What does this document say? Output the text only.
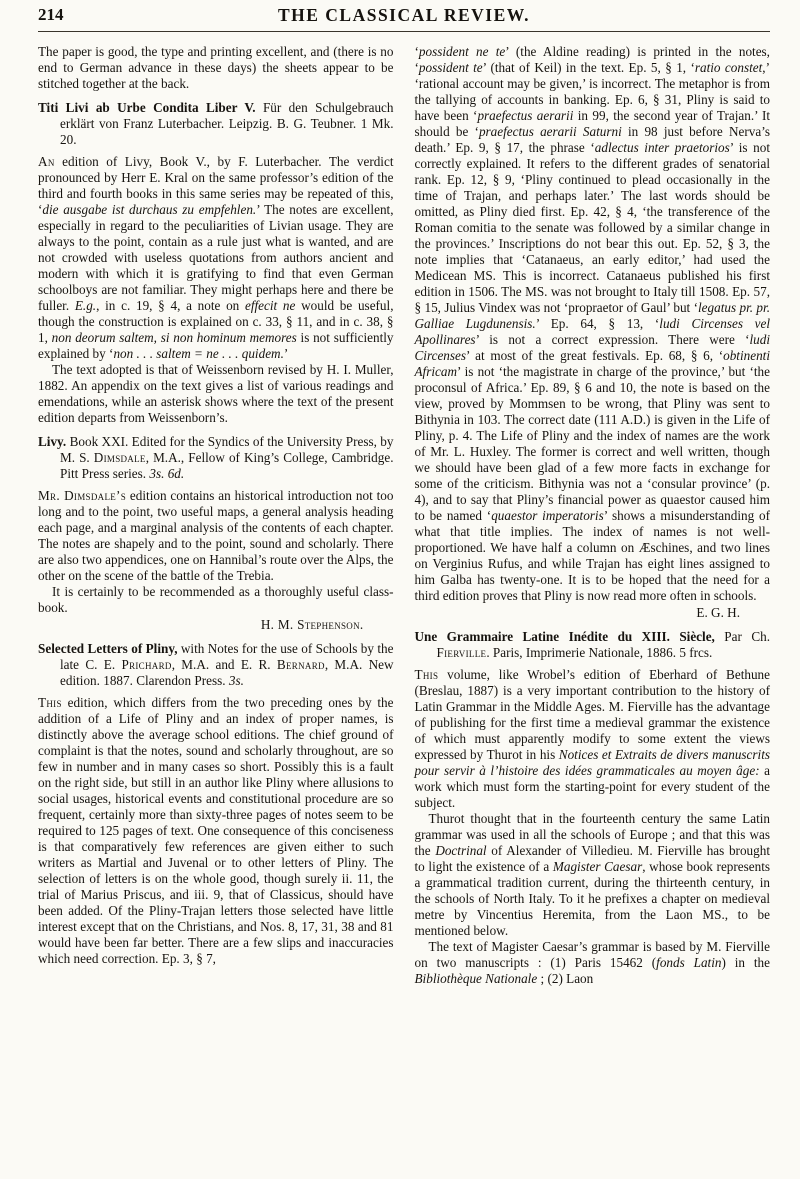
214	THE CLASSICAL REVIEW.

The paper is good, the type and printing excellent, and (there is no end to German advance in these days) the sheets appear to be stitched together at the back.

Titi Livi ab Urbe Condita Liber V. Für den Schulgebrauch erklärt von Franz Luterbacher. Leipzig. B. G. Teubner. 1 Mk. 20.

An edition of Livy, Book V., by F. Luterbacher. The verdict pronounced by Herr E. Kral on the same professor’s edition of the third and fourth books in this same series may be repeated of this, ‘die ausgabe ist durchaus zu empfehlen.’ The notes are excellent, especially in regard to the peculiarities of Livian usage. They are always to the point, contain as a rule just what is wanted, and are not crowded with useless quotations from authors ancient and modern with which it is gratifying to find that even German schoolboys are not familiar. They might perhaps here and there be fuller. E.g., in c. 19, § 4, a note on effecit ne would be useful, though the construction is explained on c. 33, § 11, and in c. 38, § 1, non deorum saltem, si non hominum memores is not sufficiently explained by ‘non . . . saltem = ne . . . quidem.’

The text adopted is that of Weissenborn revised by H. I. Muller, 1882. An appendix on the text gives a list of various readings and emendations, while an asterisk shows where the text of the present edition departs from Weissenborn’s.

Livy. Book XXI. Edited for the Syndics of the University Press, by M. S. Dimsdale, M.A., Fellow of King’s College, Cambridge. Pitt Press series. 3s. 6d.

Mr. Dimsdale’s edition contains an historical introduction not too long and to the point, two useful maps, a general analysis heading each page, and a marginal analysis of the contents of each chapter. The notes are shapely and to the point, sound and scholarly. There are also two appendices, one on Hannibal’s route over the Alps, the other on the scene of the battle of the Trebia.

It is certainly to be recommended as a thoroughly useful class-book.

H. M. Stephenson.

Selected Letters of Pliny, with Notes for the use of Schools by the late C. E. Prichard, M.A. and E. R. Bernard, M.A. New edition. 1887. Clarendon Press. 3s.

This edition, which differs from the two preceding ones by the addition of a Life of Pliny and an index of proper names, is distinctly above the average school editions. The chief ground of complaint is that the notes, sound and scholarly throughout, are so few in number and in many cases so short. Possibly this is a fault on the right side, but still in an author like Pliny where allusions to social usages, historical events and constitutional procedure are so frequent, certainly more than sixty-three pages of notes seem to be required to 125 pages of text. One consequence of this conciseness is that comparatively few references are given either to such writers as Martial and Juvenal or to other letters of Pliny. The selection of letters is on the whole good, though surely ii. 11, the trial of Marius Priscus, and iii. 9, that of Classicus, should have been added. Of the Pliny-Trajan letters those selected have little interest except that on the Christians, and Nos. 8, 17, 31, 38 and 81 would have been far better. There are a few slips and inaccuracies which need correction. Ep. 3, § 7,

‘possident ne te’ (the Aldine reading) is printed in the notes, ‘possident te’ (that of Keil) in the text. Ep. 5, § 1, ‘ratio constet,’ ‘rational account may be given,’ is incorrect. The metaphor is from the tallying of accounts in banking. Ep. 6, § 31, Pliny is said to have been ‘praefectus aerarii in 99, the second year of Trajan.’ It should be ‘praefectus aerarii Saturni in 98 just before Nerva’s death.’ Ep. 9, § 17, the phrase ‘adlectus inter praetorios’ is not correctly explained. It refers to the different grades of senatorial rank. Ep. 12, § 9, ‘Pliny continued to plead occasionally in the time of Trajan, and perhaps later.’ The last words should be omitted, as Pliny died first. Ep. 42, § 4, ‘the transference of the Roman comitia to the senate was followed by a similar change in the provinces.’ Inscriptions do not bear this out. Ep. 52, § 3, the note implies that ‘Catanaeus, an early editor,’ had used the Medicean MS. This is incorrect. Catanaeus published his first edition in 1506. The MS. was not brought to Italy till 1508. Ep. 57, § 15, Julius Vindex was not ‘propraetor of Gaul’ but ‘legatus pr. pr. Galliae Lugdunensis.’ Ep. 64, § 13, ‘ludi Circenses vel Apollinares’ is not a correct expression. There were ‘ludi Circenses’ at most of the great festivals. Ep. 68, § 6, ‘obtinenti Africam’ is not ‘the magistrate in charge of the province,’ but ‘the proconsul of Africa.’ Ep. 89, § 6 and 10, the note is based on the view, proved by Mommsen to be wrong, that Pliny was sent to Bithynia in 103. The correct date (111 A.D.) is given in the Life of Pliny, p. 4. The Life of Pliny and the index of names are the work of Mr. L. Huxley. The former is correct and well written, though we should have been glad of a few more facts in exchange for some of the criticism. Bithynia was not a ‘consular province’ (p. 4), and to say that Pliny’s financial power as quaestor caused him to be named ‘quaestor imperatoris’ shows a misunderstanding of what that title implies. The index of names is not well-proportioned. We have half a column on Æschines, and two lines on Verginius Rufus, and while Trajan has eight lines assigned to him Galba has twenty-one. It is to be hoped that the need for a third edition proves that Pliny is now read more often in schools.

E. G. H.

Une Grammaire Latine Inédite du XIII. Siècle, Par Ch. Fierville. Paris, Imprimerie Nationale, 1886. 5 frcs.

This volume, like Wrobel’s edition of Eberhard of Bethune (Breslau, 1887) is a very important contribution to the history of Latin Grammar in the Middle Ages. M. Fierville has the advantage of publishing for the first time a medieval grammar the existence of which must apparently modify to some extent the views expressed by Thurot in his Notices et Extraits de divers manuscrits pour servir à l’histoire des idées grammaticales au moyen âge: a work which must form the starting-point for every student of the subject.

Thurot thought that in the fourteenth century the same Latin grammar was used in all the schools of Europe ; and that this was the Doctrinal of Alexander of Villedieu. M. Fierville has brought to light the existence of a Magister Caesar, whose book represents a grammatical tradition current, during the thirteenth century, in the schools of North Italy. To it he prefixes a chapter on medieval metre by Vincentius Heremita, from the Laon MS., to be mentioned below.

The text of Magister Caesar’s grammar is based by M. Fierville on two manuscripts : (1) Paris 15462 (fonds Latin) in the Bibliothèque Nationale ; (2) Laon
